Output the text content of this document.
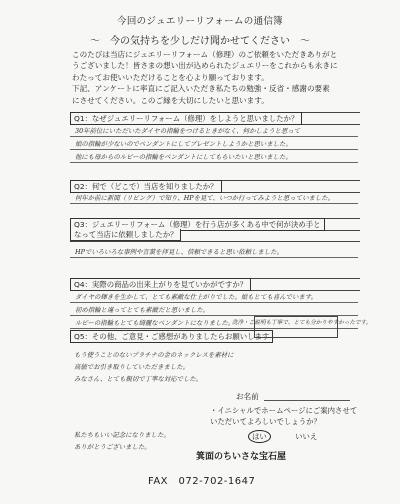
今回のジュエリーリフォームの通信簿
～　今の気持ちを少しだけ聞かせてください　～
このたびは当店にジュエリーリフォーム（修理）のご依頼をいただきありがと
うございました！皆さまの想い出が込められたジュエリーをこれからも永きに
わたってお使いいただけることを心より願っております。
下記、アンケートに率直にご記入いただき私たちの勉強・反省・感謝の要素
にさせてください。このご縁を大切にしたいと思います。
Q1：なぜジュエリーリフォーム（修理）をしようと思いましたか？
30年前位にいただいたダイヤの指輪をつけるときがなく、何かしようと思って
娘の指輪が少ないのでペンダントにしてプレゼントしようかと思いました。
他にも母からのルビーの指輪をペンダントにしてもらいたいと思いました。
Q2：何で（どこで）当店を知りましたか？
何年か前に新聞（リビング）で知り、HPを見て、いつか行ってみようと思っていました。
Q3：ジュエリーリフォーム（修理）を行う店が多くある中で何が決め手と
なって当店に依頼しましたか？
HPでいろいろな事例や言葉を拝見し、信頼できると思い依頼しました。
Q4：実際の商品の出来上がりを見ていかがですか？
ダイヤの輝きを生かして、とても素敵な仕上がりでした。娘もとても喜んでいます。
初め指輪と違ってとても素敵だと思いました。
ルビーの指輪もとても綺麗なペンダントになりました。
洗浄・ご説明も丁寧で、とても分かりやすかったです。
Q5：その他、ご意見・ご感想がありましたらお願いします
もう使うことのないプラチナの金のネックレスを素材に
高値でお引き取りしていただきました。
みなさん、とても親切で丁寧な対応でした。
私たちもいい記念になりました。
ありがとうございました。
お名前
・イニシャルでホームページにご案内させて
いただいてよろしいでしょうか？
はい	いいえ
箕面のちいさな宝石屋
FAX　072-702-1647
